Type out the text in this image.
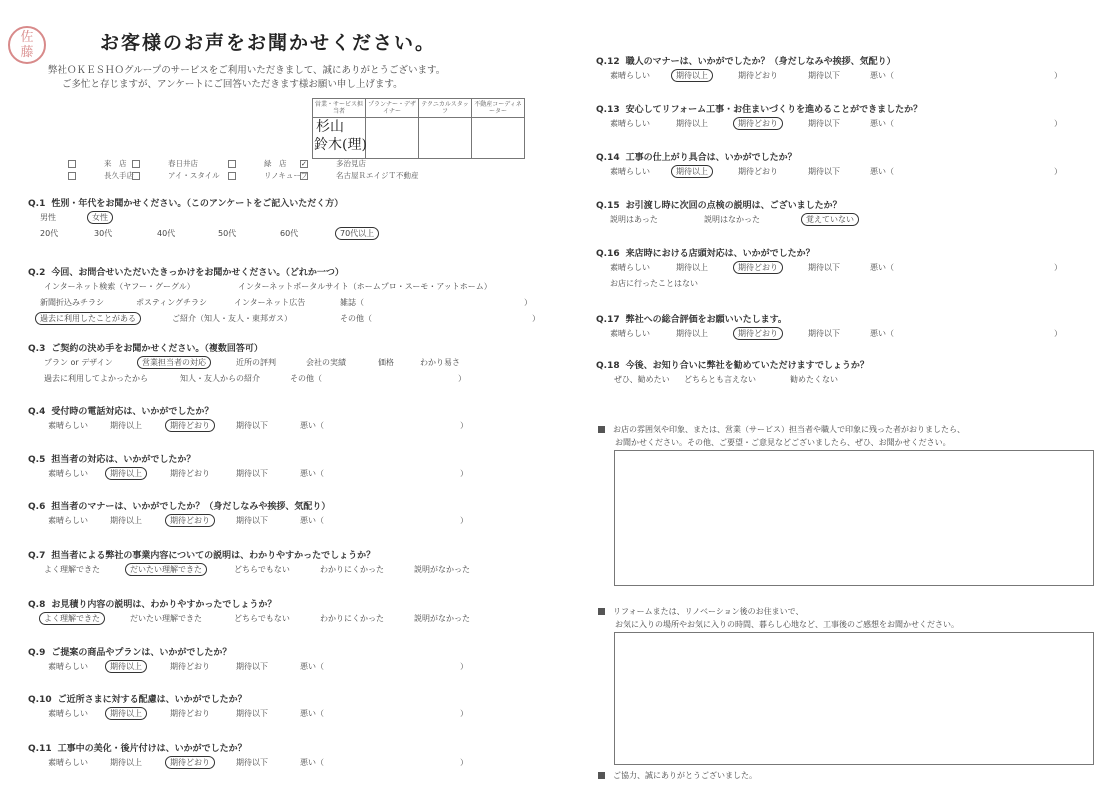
佐藤	お客様のお声をお聞かせください。
弊社ＯＫＥＳＨＯグループのサービスをご利用いただきまして、誠にありがとうございます。
ご多忙と存じますが、アンケートにご回答いただきます様お願い申し上げます。
営業・サービス担当者	プランナー・デザイナー	テクニカルスタッフ	不動産コーディネーター

杉山
鈴木(理)
来　店	春日井店	緑　店	✓	多治見店
長久手店	アイ・スタイル	リノキューブ	名古屋ＲエイジＴ不動産
Q.1 性別・年代をお聞かせください。（このアンケートをご記入いただく方）
男性	女性
20代	30代	40代	50代	60代	70代以上
Q.2 今回、お問合せいただいたきっかけをお聞かせください。（どれか一つ）
インターネット検索（ヤフー・グーグル）	インターネットポータルサイト（ホームプロ・スーモ・アットホーム）
新聞折込みチラシ	ポスティングチラシ	インターネット広告	雑誌（　　　　　　　　　　　　　　　　　　　　）
過去に利用したことがある	ご紹介（知人・友人・東邦ガス）	その他（　　　　　　　　　　　　　　　　　　　　）
Q.3 ご契約の決め手をお聞かせください。（複数回答可）
プラン or デザイン	営業担当者の対応	近所の評判	会社の実績	価格	わかり易さ
過去に利用してよかったから	知人・友人からの紹介	その他（　　　　　　　　　　　　　　　　　）
Q.4 受付時の電話対応は、いかがでしたか？
素晴らしい	期待以上	期待どおり	期待以下	悪い（　　　　　　　　　　　　　　　　　）
Q.5 担当者の対応は、いかがでしたか？
素晴らしい	期待以上	期待どおり	期待以下	悪い（　　　　　　　　　　　　　　　　　）
Q.6 担当者のマナーは、いかがでしたか？（身だしなみや挨拶、気配り）
素晴らしい	期待以上	期待どおり	期待以下	悪い（　　　　　　　　　　　　　　　　　）
Q.7 担当者による弊社の事業内容についての説明は、わかりやすかったでしょうか？
よく理解できた	だいたい理解できた	どちらでもない	わかりにくかった	説明がなかった
Q.8 お見積り内容の説明は、わかりやすかったでしょうか？
よく理解できた	だいたい理解できた	どちらでもない	わかりにくかった	説明がなかった
Q.9 ご提案の商品やプランは、いかがでしたか？
素晴らしい	期待以上	期待どおり	期待以下	悪い（　　　　　　　　　　　　　　　　　）
Q.10 ご近所さまに対する配慮は、いかがでしたか？
素晴らしい	期待以上	期待どおり	期待以下	悪い（　　　　　　　　　　　　　　　　　）
Q.11 工事中の美化・後片付けは、いかがでしたか？
素晴らしい	期待以上	期待どおり	期待以下	悪い（　　　　　　　　　　　　　　　　　）
Q.12 職人のマナーは、いかがでしたか？（身だしなみや挨拶、気配り）
素晴らしい	期待以上	期待どおり	期待以下	悪い（　　　　　　　　　　　　　　　　　　　　）
Q.13 安心してリフォーム工事・お住まいづくりを進めることができましたか？
素晴らしい	期待以上	期待どおり	期待以下	悪い（　　　　　　　　　　　　　　　　　　　　）
Q.14 工事の仕上がり具合は、いかがでしたか？
素晴らしい	期待以上	期待どおり	期待以下	悪い（　　　　　　　　　　　　　　　　　　　　）
Q.15 お引渡し時に次回の点検の説明は、ございましたか？
説明はあった	説明はなかった	覚えていない
Q.16 来店時における店頭対応は、いかがでしたか？
素晴らしい	期待以上	期待どおり	期待以下	悪い（　　　　　　　　　　　　　　　　　　　　）
お店に行ったことはない
Q.17 弊社への総合評価をお願いいたします。
素晴らしい	期待以上	期待どおり	期待以下	悪い（　　　　　　　　　　　　　　　　　　　　）
Q.18 今後、お知り合いに弊社を勧めていただけますでしょうか？
ぜひ、勧めたい どちらとも言えない	勧めたくない
お店の雰囲気や印象、または、営業（サービス）担当者や職人で印象に残った者がおりましたら、
お聞かせください。その他、ご要望・ご意見などございましたら、ぜひ、お聞かせください。
リフォームまたは、リノベーション後のお住まいで、
お気に入りの場所やお気に入りの時間、暮らし心地など、工事後のご感想をお聞かせください。
ご協力、誠にありがとうございました。
